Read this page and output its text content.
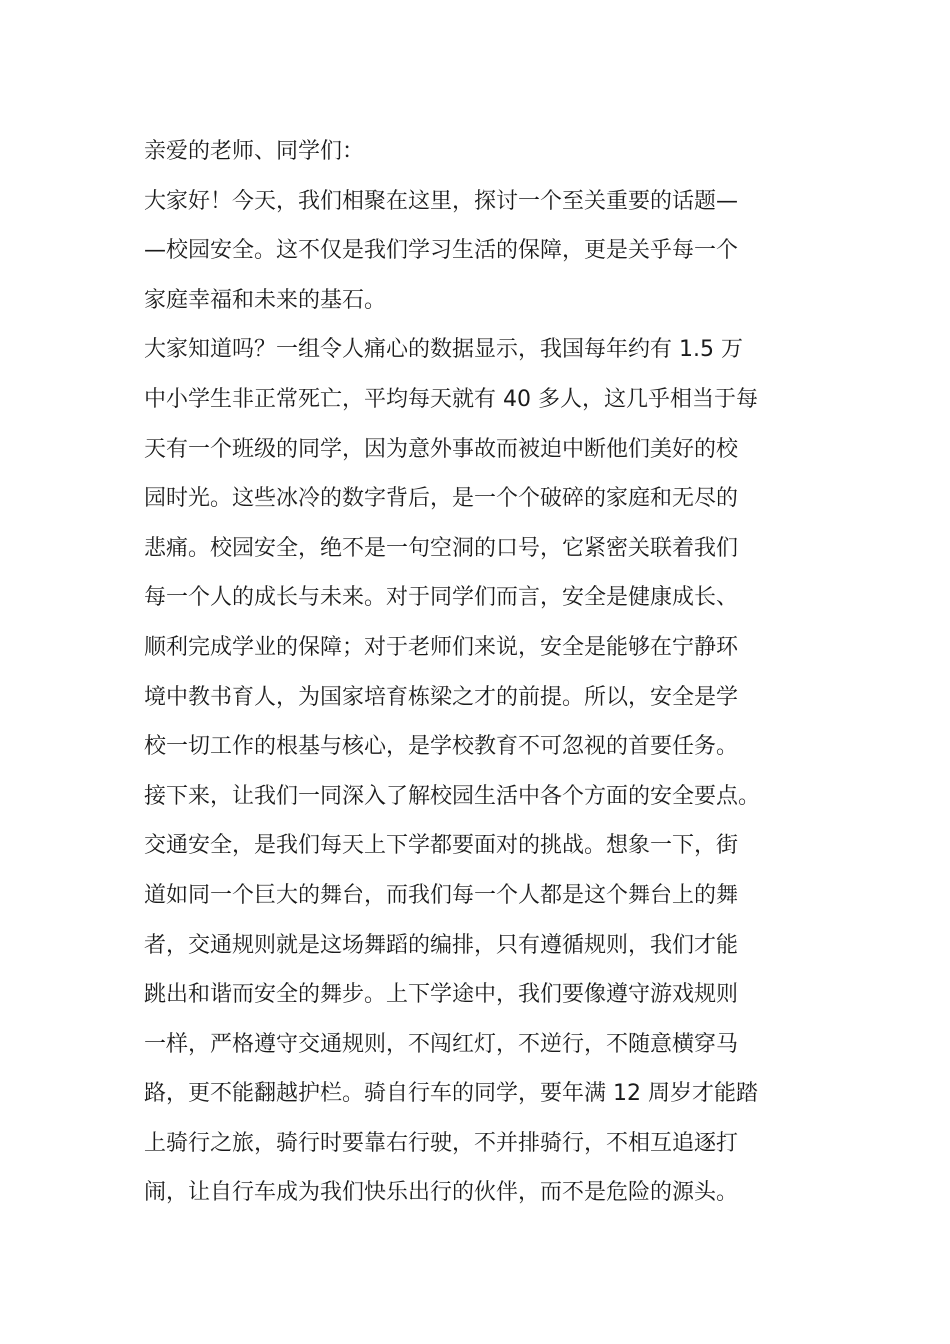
亲爱的老师、同学们：
大家好！今天，我们相聚在这里，探讨一个至关重要的话题—
—校园安全。这不仅是我们学习生活的保障，更是关乎每一个
家庭幸福和未来的基石。
大家知道吗？一组令人痛心的数据显示，我国每年约有 1.5 万
中小学生非正常死亡，平均每天就有 40 多人，这几乎相当于每
天有一个班级的同学，因为意外事故而被迫中断他们美好的校
园时光。这些冰冷的数字背后，是一个个破碎的家庭和无尽的
悲痛。校园安全，绝不是一句空洞的口号，它紧密关联着我们
每一个人的成长与未来。对于同学们而言，安全是健康成长、
顺利完成学业的保障；对于老师们来说，安全是能够在宁静环
境中教书育人，为国家培育栋梁之才的前提。所以，安全是学
校一切工作的根基与核心，是学校教育不可忽视的首要任务。
接下来，让我们一同深入了解校园生活中各个方面的安全要点。
交通安全，是我们每天上下学都要面对的挑战。想象一下，街
道如同一个巨大的舞台，而我们每一个人都是这个舞台上的舞
者，交通规则就是这场舞蹈的编排，只有遵循规则，我们才能
跳出和谐而安全的舞步。上下学途中，我们要像遵守游戏规则
一样，严格遵守交通规则，不闯红灯，不逆行，不随意横穿马
路，更不能翻越护栏。骑自行车的同学，要年满 12 周岁才能踏
上骑行之旅，骑行时要靠右行驶，不并排骑行，不相互追逐打
闹，让自行车成为我们快乐出行的伙伴，而不是危险的源头。
